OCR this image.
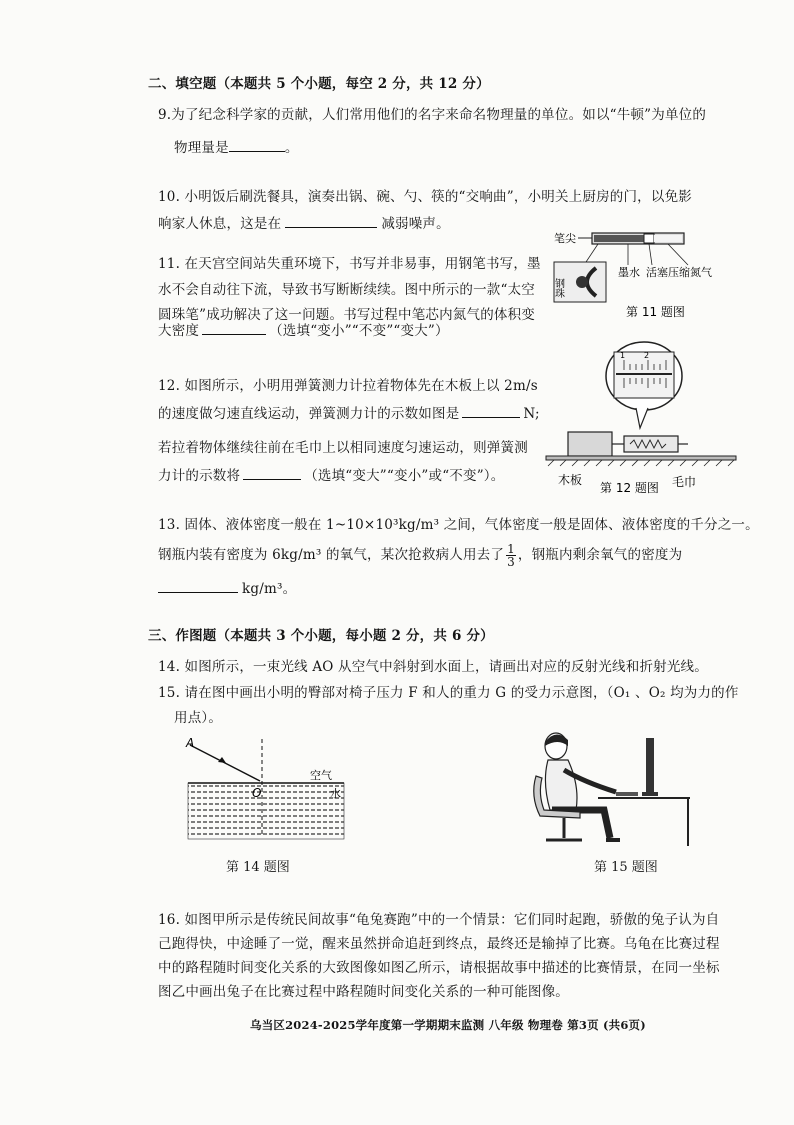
二、填空题（本题共 5 个小题，每空 2 分，共 12 分）
9.为了纪念科学家的贡献，人们常用他们的名字来命名物理量的单位。如以“牛顿”为单位的
物理量是	。
10. 小明饭后刷洗餐具，演奏出锅、碗、勺、筷的“交响曲”，小明关上厨房的门，以免影
响家人休息，这是在	减弱噪声。
11. 在天宫空间站失重环境下，书写并非易事，用钢笔书写，墨
水不会自动往下流，导致书写断断续续。图中所示的一款“太空
圆珠笔”成功解决了这一问题。书写过程中笔芯内氮气的体积变
大密度	（选填“变小”“不变”“变大”）
笔尖
钢珠
墨水 活塞 压缩氮气
第 11 题图
12. 如图所示，小明用弹簧测力计拉着物体先在木板上以 2m/s
的速度做匀速直线运动，弹簧测力计的示数如图是	N;
若拉着物体继续往前在毛巾上以相同速度匀速运动，则弹簧测
力计的示数将	（选填“变大”“变小”或“不变”）。
1 2
木板
第 12 题图 毛巾
13. 固体、液体密度一般在 1~10×10³kg/m³ 之间，气体密度一般是固体、液体密度的千分之一。
钢瓶内装有密度为 6kg/m³ 的氧气，某次抢救病人用去了 $\frac{1}{3}$ ，钢瓶内剩余氧气的密度为
kg/m³。
三、作图题（本题共 3 个小题，每小题 2 分，共 6 分）
14. 如图所示，一束光线 AO 从空气中斜射到水面上，请画出对应的反射光线和折射光线。
15. 请在图中画出小明的臀部对椅子压力 F 和人的重力 G 的受力示意图，（O₁ 、O₂ 均为力的作
用点）。
A
O
空气
水
第 14 题图	第 15 题图
16. 如图甲所示是传统民间故事“龟兔赛跑”中的一个情景：它们同时起跑，骄傲的兔子认为自
己跑得快，中途睡了一觉，醒来虽然拼命追赶到终点，最终还是输掉了比赛。乌龟在比赛过程
中的路程随时间变化关系的大致图像如图乙所示，请根据故事中描述的比赛情景，在同一坐标
图乙中画出兔子在比赛过程中路程随时间变化关系的一种可能图像。
乌当区2024-2025学年度第一学期期末监测 八年级 物理卷 第3页 (共6页)
